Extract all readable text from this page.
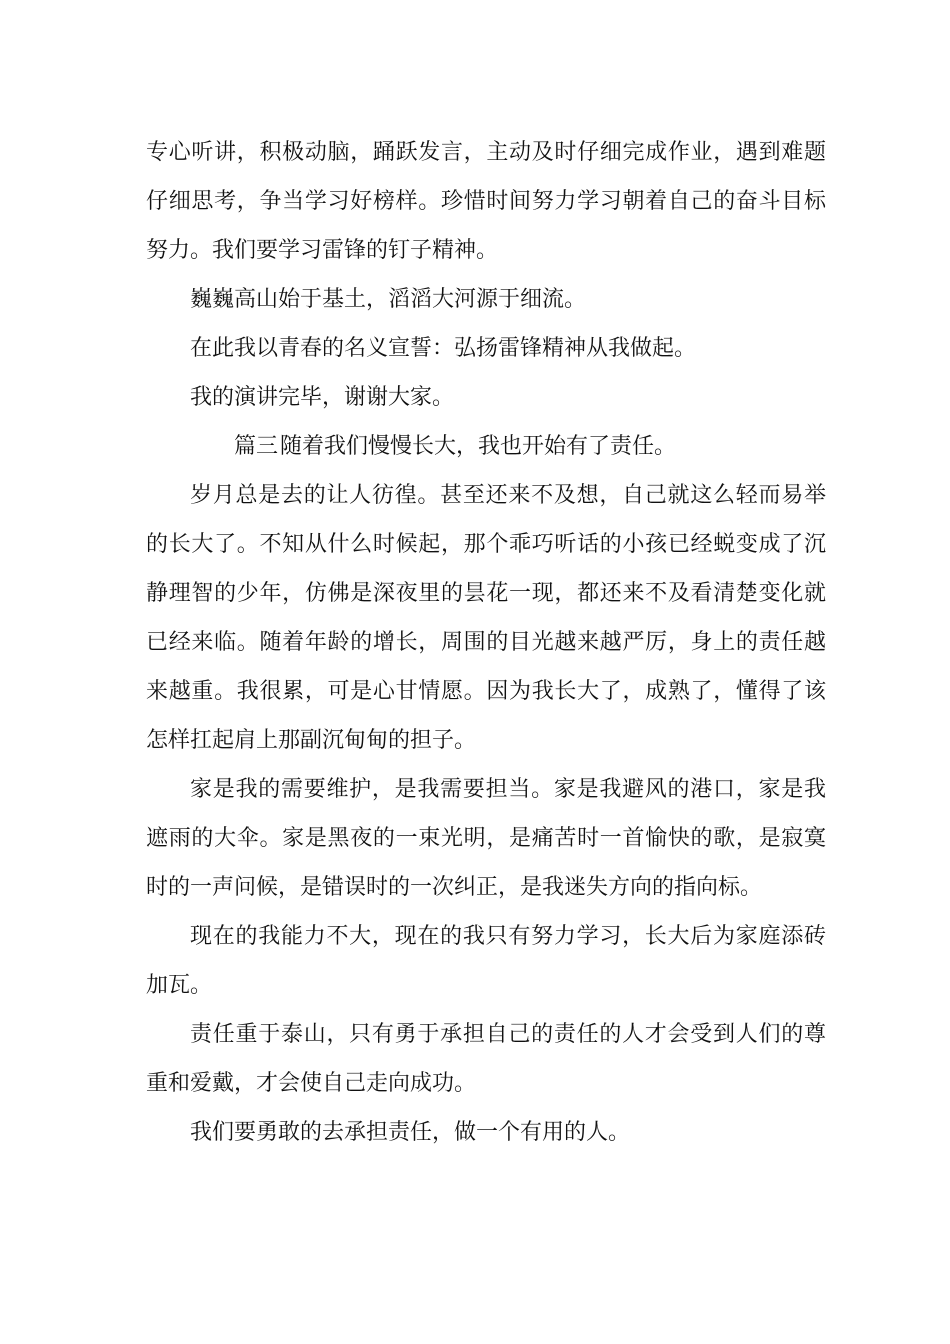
专心听讲，积极动脑，踊跃发言，主动及时仔细完成作业，遇到难题仔细思考，争当学习好榜样。珍惜时间努力学习朝着自己的奋斗目标努力。我们要学习雷锋的钉子精神。

巍巍高山始于基土，滔滔大河源于细流。

在此我以青春的名义宣誓：弘扬雷锋精神从我做起。

我的演讲完毕，谢谢大家。

篇三随着我们慢慢长大，我也开始有了责任。

岁月总是去的让人彷徨。甚至还来不及想，自己就这么轻而易举的长大了。不知从什么时候起，那个乖巧听话的小孩已经蜕变成了沉静理智的少年，仿佛是深夜里的昙花一现，都还来不及看清楚变化就已经来临。随着年龄的增长，周围的目光越来越严厉，身上的责任越来越重。我很累，可是心甘情愿。因为我长大了，成熟了，懂得了该怎样扛起肩上那副沉甸甸的担子。

家是我的需要维护，是我需要担当。家是我避风的港口，家是我遮雨的大伞。家是黑夜的一束光明，是痛苦时一首愉快的歌，是寂寞时的一声问候，是错误时的一次纠正，是我迷失方向的指向标。

现在的我能力不大，现在的我只有努力学习，长大后为家庭添砖加瓦。

责任重于泰山，只有勇于承担自己的责任的人才会受到人们的尊重和爱戴，才会使自己走向成功。

我们要勇敢的去承担责任，做一个有用的人。
